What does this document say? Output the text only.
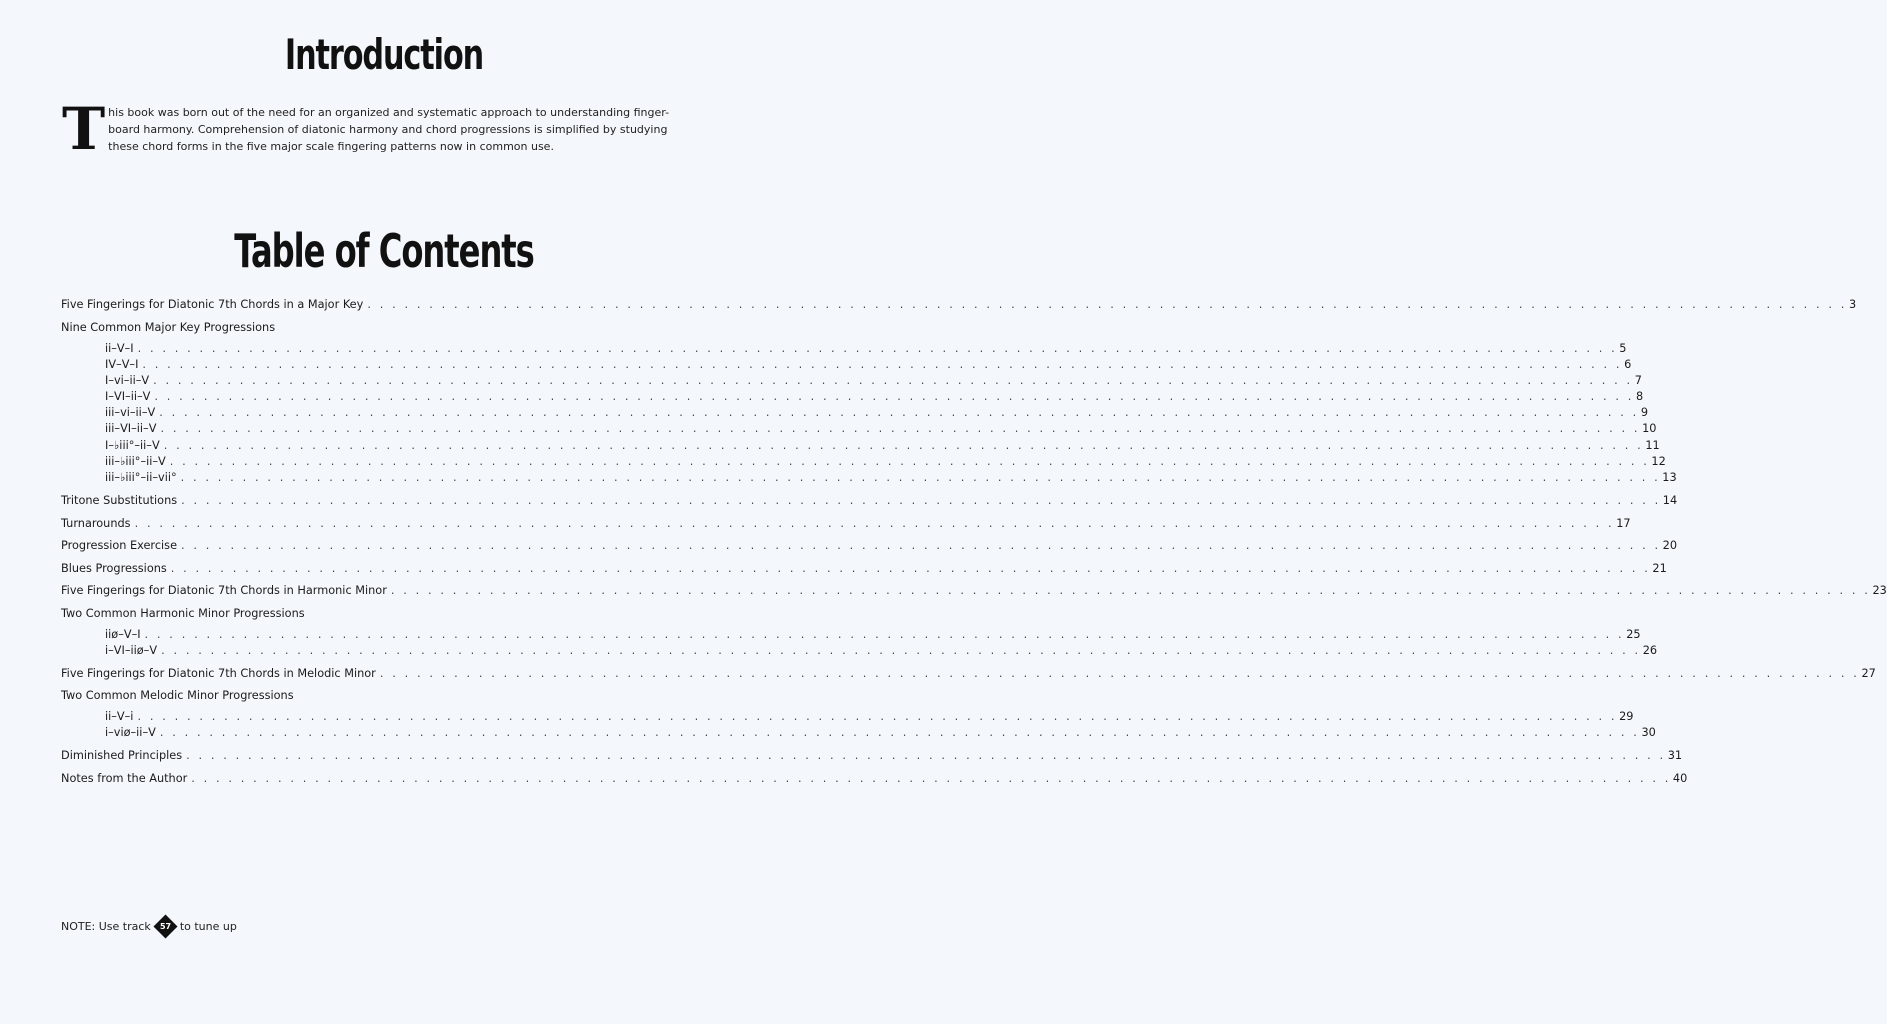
Introduction
T his book was born out of the need for an organized and systematic approach to understanding finger-board harmony. Comprehension of diatonic harmony and chord progressions is simplified by studying these chord forms in the five major scale fingering patterns now in common use.
Table of Contents
Five Fingerings for Diatonic 7th Chords in a Major Key . . . . . . . . . . . . . . . . . . . . . . . . . . . . . . . . . . . . . . . . . . . . . . . . . . . . . . . . . . . . . . . . . . . . . . . . . . . . . . . . . . . . . . . . . . . . . . . . . . . . . . . . . . . . . . . . . . . . . . . . 3
Nine Common Major Key Progressions
ii–V–I . . . . . . . . . . . . . . . . . . . . . . . . . . . . . . . . . . . . . . . . . . . . . . . . . . . . . . . . . . . . . . . . . . . . . . . . . . . . . . . . . . . . . . . . . . . . . . . . . . . . . . . . . . . . . . . . . . . . . . . . 5
IV–V–I . . . . . . . . . . . . . . . . . . . . . . . . . . . . . . . . . . . . . . . . . . . . . . . . . . . . . . . . . . . . . . . . . . . . . . . . . . . . . . . . . . . . . . . . . . . . . . . . . . . . . . . . . . . . . . . . . . . . . . . . 6
I–vi–ii–V . . . . . . . . . . . . . . . . . . . . . . . . . . . . . . . . . . . . . . . . . . . . . . . . . . . . . . . . . . . . . . . . . . . . . . . . . . . . . . . . . . . . . . . . . . . . . . . . . . . . . . . . . . . . . . . . . . . . . . . . 7
I–VI–ii–V . . . . . . . . . . . . . . . . . . . . . . . . . . . . . . . . . . . . . . . . . . . . . . . . . . . . . . . . . . . . . . . . . . . . . . . . . . . . . . . . . . . . . . . . . . . . . . . . . . . . . . . . . . . . . . . . . . . . . . . . 8
iii–vi–ii–V . . . . . . . . . . . . . . . . . . . . . . . . . . . . . . . . . . . . . . . . . . . . . . . . . . . . . . . . . . . . . . . . . . . . . . . . . . . . . . . . . . . . . . . . . . . . . . . . . . . . . . . . . . . . . . . . . . . . . . . . 9
iii–VI–ii–V . . . . . . . . . . . . . . . . . . . . . . . . . . . . . . . . . . . . . . . . . . . . . . . . . . . . . . . . . . . . . . . . . . . . . . . . . . . . . . . . . . . . . . . . . . . . . . . . . . . . . . . . . . . . . . . . . . . . . . . . 10
I–♭iii°–ii–V . . . . . . . . . . . . . . . . . . . . . . . . . . . . . . . . . . . . . . . . . . . . . . . . . . . . . . . . . . . . . . . . . . . . . . . . . . . . . . . . . . . . . . . . . . . . . . . . . . . . . . . . . . . . . . . . . . . . . . . . 11
iii–♭iii°–ii–V . . . . . . . . . . . . . . . . . . . . . . . . . . . . . . . . . . . . . . . . . . . . . . . . . . . . . . . . . . . . . . . . . . . . . . . . . . . . . . . . . . . . . . . . . . . . . . . . . . . . . . . . . . . . . . . . . . . . . . . . 12
iii–♭iii°–ii–vii° . . . . . . . . . . . . . . . . . . . . . . . . . . . . . . . . . . . . . . . . . . . . . . . . . . . . . . . . . . . . . . . . . . . . . . . . . . . . . . . . . . . . . . . . . . . . . . . . . . . . . . . . . . . . . . . . . . . . . . . . 13
Tritone Substitutions . . . . . . . . . . . . . . . . . . . . . . . . . . . . . . . . . . . . . . . . . . . . . . . . . . . . . . . . . . . . . . . . . . . . . . . . . . . . . . . . . . . . . . . . . . . . . . . . . . . . . . . . . . . . . . . . . . . . . . . . 14
Turnarounds . . . . . . . . . . . . . . . . . . . . . . . . . . . . . . . . . . . . . . . . . . . . . . . . . . . . . . . . . . . . . . . . . . . . . . . . . . . . . . . . . . . . . . . . . . . . . . . . . . . . . . . . . . . . . . . . . . . . . . . . 17
Progression Exercise . . . . . . . . . . . . . . . . . . . . . . . . . . . . . . . . . . . . . . . . . . . . . . . . . . . . . . . . . . . . . . . . . . . . . . . . . . . . . . . . . . . . . . . . . . . . . . . . . . . . . . . . . . . . . . . . . . . . . . . . 20
Blues Progressions . . . . . . . . . . . . . . . . . . . . . . . . . . . . . . . . . . . . . . . . . . . . . . . . . . . . . . . . . . . . . . . . . . . . . . . . . . . . . . . . . . . . . . . . . . . . . . . . . . . . . . . . . . . . . . . . . . . . . . . . 21
Five Fingerings for Diatonic 7th Chords in Harmonic Minor . . . . . . . . . . . . . . . . . . . . . . . . . . . . . . . . . . . . . . . . . . . . . . . . . . . . . . . . . . . . . . . . . . . . . . . . . . . . . . . . . . . . . . . . . . . . . . . . . . . . . . . . . . . . . . . . . . . . . . . . 23
Two Common Harmonic Minor Progressions
iiø–V–I . . . . . . . . . . . . . . . . . . . . . . . . . . . . . . . . . . . . . . . . . . . . . . . . . . . . . . . . . . . . . . . . . . . . . . . . . . . . . . . . . . . . . . . . . . . . . . . . . . . . . . . . . . . . . . . . . . . . . . . . 25
i–VI–iiø–V . . . . . . . . . . . . . . . . . . . . . . . . . . . . . . . . . . . . . . . . . . . . . . . . . . . . . . . . . . . . . . . . . . . . . . . . . . . . . . . . . . . . . . . . . . . . . . . . . . . . . . . . . . . . . . . . . . . . . . . . 26
Five Fingerings for Diatonic 7th Chords in Melodic Minor . . . . . . . . . . . . . . . . . . . . . . . . . . . . . . . . . . . . . . . . . . . . . . . . . . . . . . . . . . . . . . . . . . . . . . . . . . . . . . . . . . . . . . . . . . . . . . . . . . . . . . . . . . . . . . . . . . . . . . . . 27
Two Common Melodic Minor Progressions
ii–V–i . . . . . . . . . . . . . . . . . . . . . . . . . . . . . . . . . . . . . . . . . . . . . . . . . . . . . . . . . . . . . . . . . . . . . . . . . . . . . . . . . . . . . . . . . . . . . . . . . . . . . . . . . . . . . . . . . . . . . . . . 29
i–viø–ii–V . . . . . . . . . . . . . . . . . . . . . . . . . . . . . . . . . . . . . . . . . . . . . . . . . . . . . . . . . . . . . . . . . . . . . . . . . . . . . . . . . . . . . . . . . . . . . . . . . . . . . . . . . . . . . . . . . . . . . . . . 30
Diminished Principles . . . . . . . . . . . . . . . . . . . . . . . . . . . . . . . . . . . . . . . . . . . . . . . . . . . . . . . . . . . . . . . . . . . . . . . . . . . . . . . . . . . . . . . . . . . . . . . . . . . . . . . . . . . . . . . . . . . . . . . . 31
Notes from the Author . . . . . . . . . . . . . . . . . . . . . . . . . . . . . . . . . . . . . . . . . . . . . . . . . . . . . . . . . . . . . . . . . . . . . . . . . . . . . . . . . . . . . . . . . . . . . . . . . . . . . . . . . . . . . . . . . . . . . . . . 40
NOTE: Use track 57 to tune up
